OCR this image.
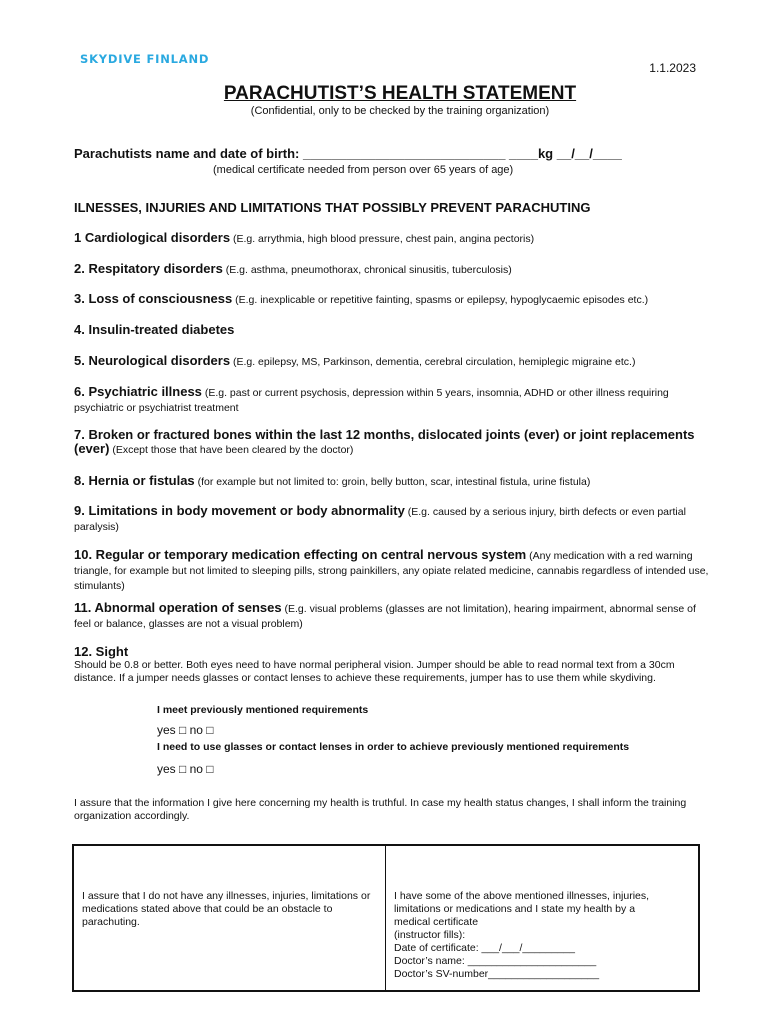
SKYDIVE FINLAND
1.1.2023
PARACHUTIST’S HEALTH STATEMENT
(Confidential, only to be checked by the training organization)
Parachutists name and date of birth: ____________________________ ____kg __/__/____
(medical certificate needed from person over 65 years of age)
ILNESSES, INJURIES AND LIMITATIONS THAT POSSIBLY PREVENT PARACHUTING
1 Cardiological disorders (E.g. arrythmia, high blood pressure, chest pain, angina pectoris)
2. Respitatory disorders (E.g. asthma, pneumothorax, chronical sinusitis, tuberculosis)
3. Loss of consciousness (E.g. inexplicable or repetitive fainting, spasms or epilepsy, hypoglycaemic episodes etc.)
4. Insulin-treated diabetes
5. Neurological disorders (E.g. epilepsy, MS, Parkinson, dementia, cerebral circulation, hemiplegic migraine etc.)
6. Psychiatric illness (E.g. past or current psychosis, depression within 5 years, insomnia, ADHD or other illness requiring psychiatric or psychiatrist treatment
7. Broken or fractured bones within the last 12 months, dislocated joints (ever) or joint replacements (ever) (Except those that have been cleared by the doctor)
8. Hernia or fistulas (for example but not limited to: groin, belly button, scar, intestinal fistula, urine fistula)
9. Limitations in body movement or body abnormality (E.g. caused by a serious injury, birth defects or even partial paralysis)
10. Regular or temporary medication effecting on central nervous system (Any medication with a red warning triangle, for example but not limited to sleeping pills, strong painkillers, any opiate related medicine, cannabis regardless of intended use, stimulants)
11. Abnormal operation of senses (E.g. visual problems (glasses are not limitation), hearing impairment, abnormal sense of feel or balance, glasses are not a visual problem)
12. Sight
Should be 0.8 or better. Both eyes need to have normal peripheral vision. Jumper should be able to read normal text from a 30cm distance. If a jumper needs glasses or contact lenses to achieve these requirements, jumper has to use them while skydiving.
I meet previously mentioned requirements
yes □ no □
I need to use glasses or contact lenses in order to achieve previously mentioned requirements
yes □ no □
I assure that the information I give here concerning my health is truthful. In case my health status changes, I shall inform the training organization accordingly.
I assure that I do not have any illnesses, injuries, limitations or medications stated above that could be an obstacle to parachuting.
I have some of the above mentioned illnesses, injuries,
limitations or medications and I state my health by a
medical certificate
(instructor fills):
Date of certificate: ___/___/_________
Doctor’s name: ______________________
Doctor’s SV-number___________________
